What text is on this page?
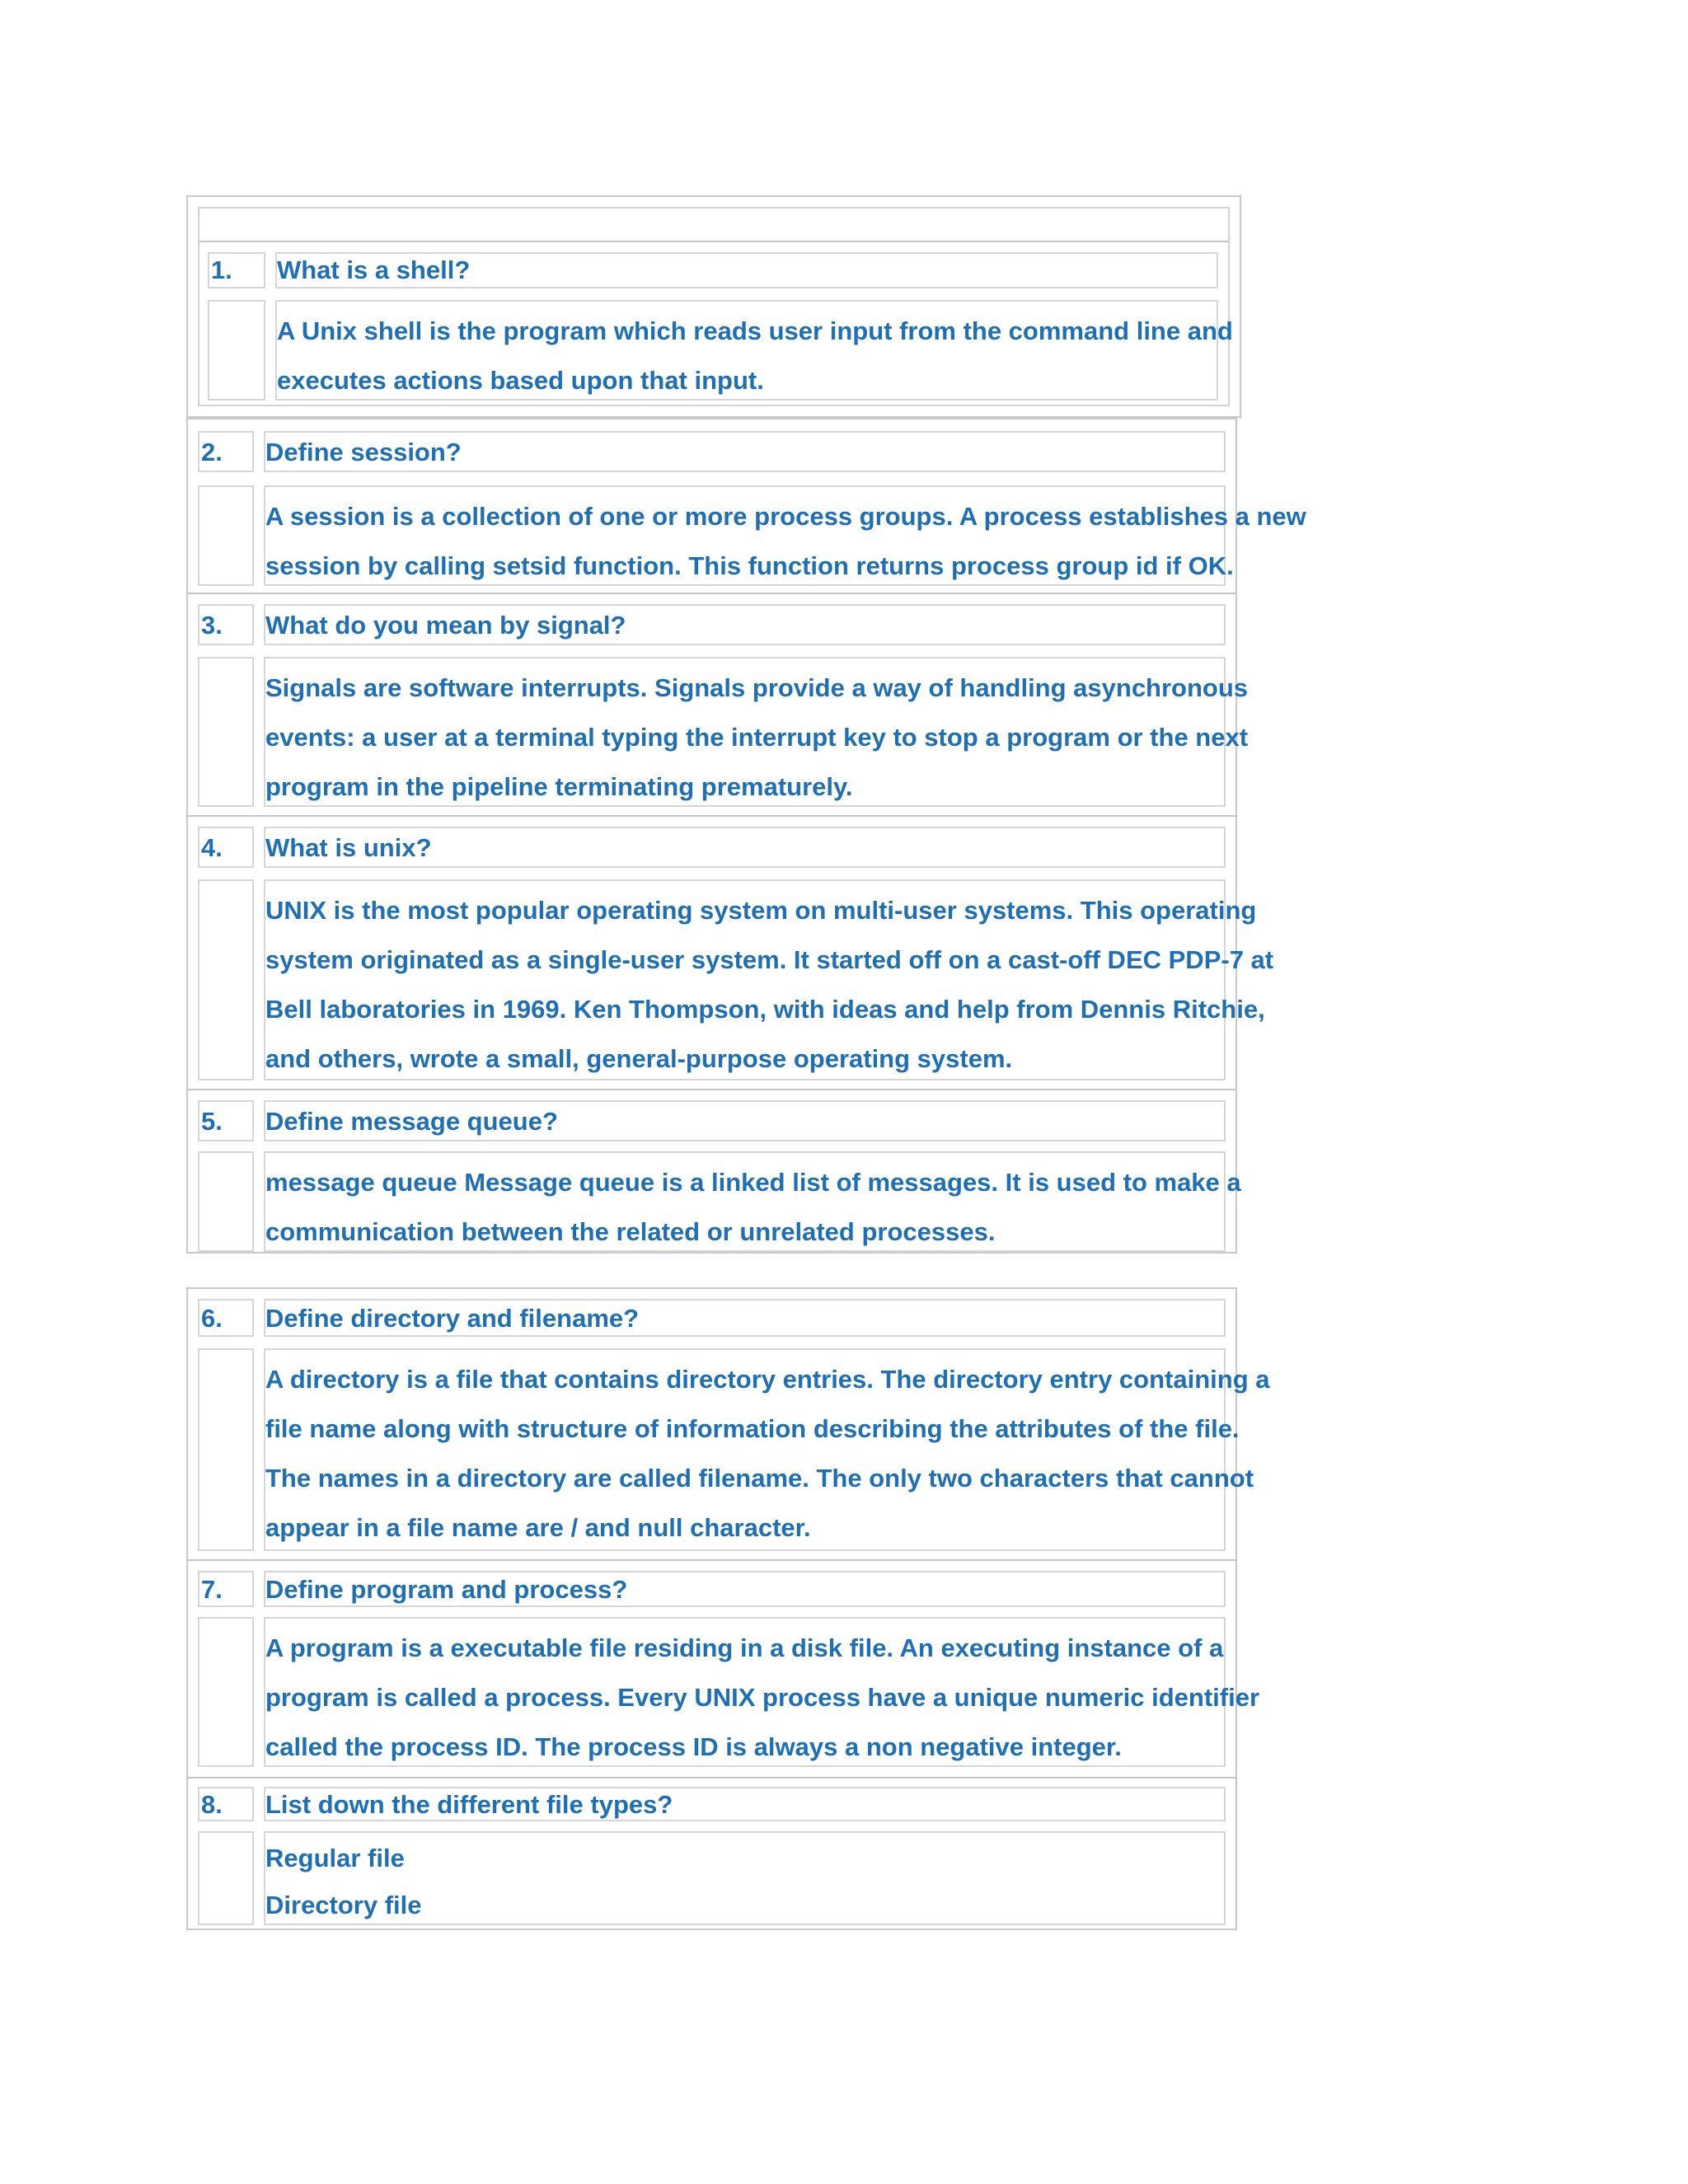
1. What is a shell?
A Unix shell is the program which reads user input from the command line and
executes actions based upon that input.
2. Define session?
A session is a collection of one or more process groups. A process establishes a new
session by calling setsid function. This function returns process group id if OK.
3. What do you mean by signal?
Signals are software interrupts. Signals provide a way of handling asynchronous
events: a user at a terminal typing the interrupt key to stop a program or the next
program in the pipeline terminating prematurely.
4. What is unix?
UNIX is the most popular operating system on multi-user systems. This operating
system originated as a single-user system. It started off on a cast-off DEC PDP-7 at
Bell laboratories in 1969. Ken Thompson, with ideas and help from Dennis Ritchie,
and others, wrote a small, general-purpose operating system.
5. Define message queue?
message queue Message queue is a linked list of messages. It is used to make a
communication between the related or unrelated processes.
6. Define directory and filename?
A directory is a file that contains directory entries. The directory entry containing a
file name along with structure of information describing the attributes of the file.
The names in a directory are called filename. The only two characters that cannot
appear in a file name are / and null character.
7. Define program and process?
A program is a executable file residing in a disk file. An executing instance of a
program is called a process. Every UNIX process have a unique numeric identifier
called the process ID. The process ID is always a non negative integer.
8. List down the different file types?
Regular file
Directory file
